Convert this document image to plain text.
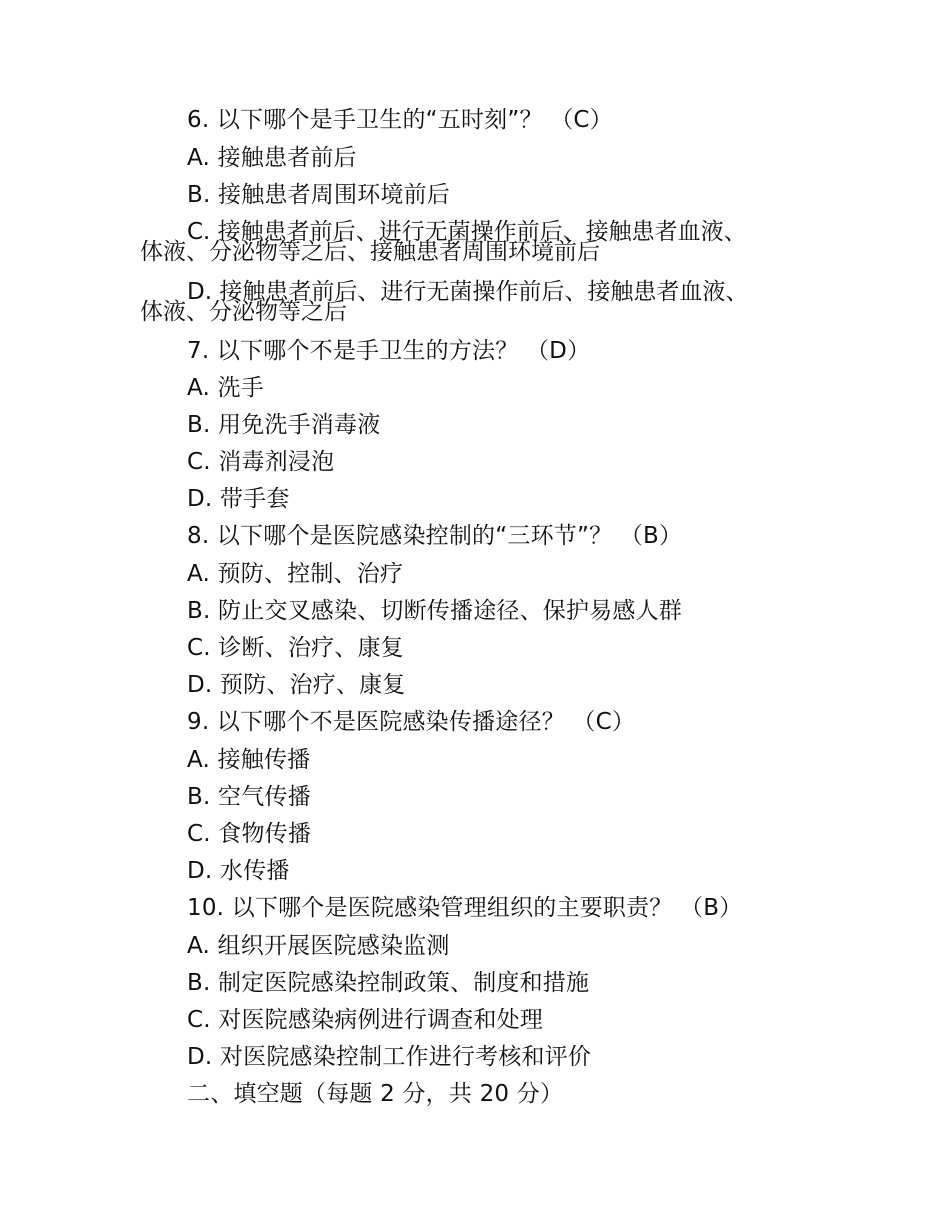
6. 以下哪个是手卫生的“五时刻”？ （C）
A. 接触患者前后
B. 接触患者周围环境前后
C. 接触患者前后、进行无菌操作前后、接触患者血液、
体液、分泌物等之后、接触患者周围环境前后
D. 接触患者前后、进行无菌操作前后、接触患者血液、
体液、分泌物等之后
7. 以下哪个不是手卫生的方法？ （D）
A. 洗手
B. 用免洗手消毒液
C. 消毒剂浸泡
D. 带手套
8. 以下哪个是医院感染控制的“三环节”？ （B）
A. 预防、控制、治疗
B. 防止交叉感染、切断传播途径、保护易感人群
C. 诊断、治疗、康复
D. 预防、治疗、康复
9. 以下哪个不是医院感染传播途径？ （C）
A. 接触传播
B. 空气传播
C. 食物传播
D. 水传播
10. 以下哪个是医院感染管理组织的主要职责？ （B）
A. 组织开展医院感染监测
B. 制定医院感染控制政策、制度和措施
C. 对医院感染病例进行调查和处理
D. 对医院感染控制工作进行考核和评价
二、填空题（每题 2 分，共 20 分）
